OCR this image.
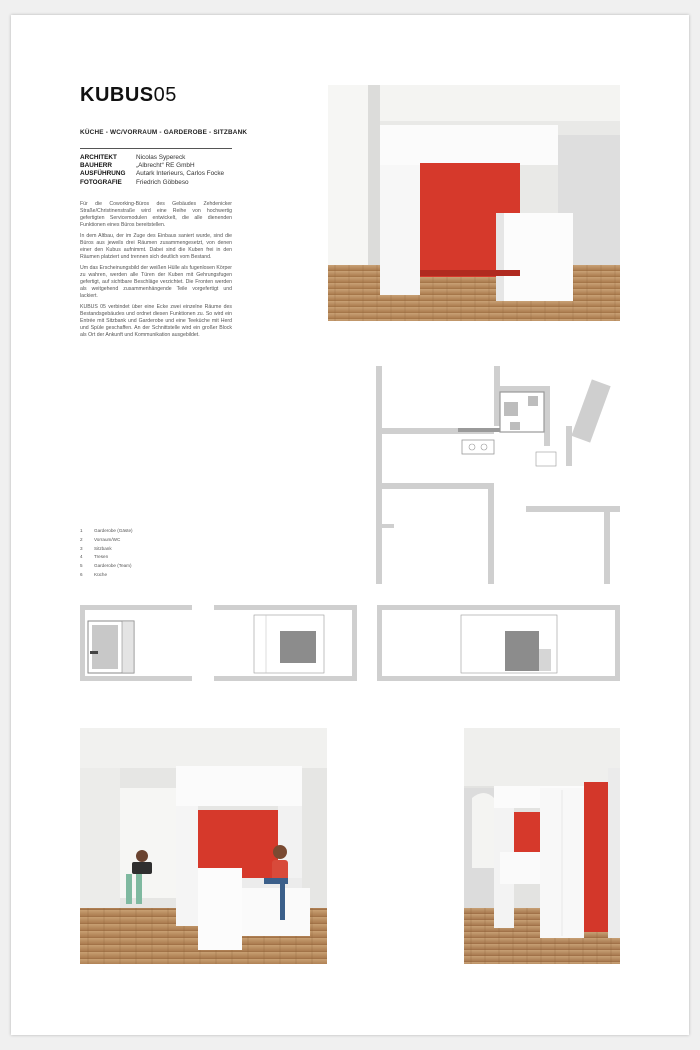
KUBUS05
KÜCHE - WC/VORRAUM - GARDEROBE - SITZBANK
ARCHITEKT	Nicolas Sypereck
BAUHERR	„Albrecht“ RE GmbH
AUSFÜHRUNG	Autark Interieurs, Carlos Focke
FOTOGRAFIE	Friedrich Göbbeso

Für die Coworking-Büros des Gebäudes Zehdenicker Straße/Christinenstraße wird eine Reihe von hochwertig gefertigten Servicemodulen entwickelt, die alle dienenden Funktionen eines Büros bereitstellen.

In dem Altbau, der im Zuge des Einbaus saniert wurde, sind die Büros aus jeweils drei Räumen zusammengesetzt, von denen einer den Kubus aufnimmt. Dabei sind die Kuben frei in den Räumen platziert und trennen sich deutlich vom Bestand.

Um das Erscheinungsbild der weißen Hülle als fugenlosen Körper zu wahren, werden alle Türen der Kuben mit Gehrungsfugen gefertigt, auf sichtbare Beschläge verzichtet. Die Fronten werden als weitgehend zusammenhängende Teile vorgefertigt und lackiert.

KUBUS 05 verbindet über eine Ecke zwei einzelne Räume des Bestandsgebäudes und ordnet diesen Funktionen zu. So wird ein Entrée mit Sitzbank und Garderobe und eine Teeküche mit Herd und Spüle geschaffen. An der Schnittstelle wird ein großer Block als Ort der Ankunft und Kommunikation ausgebildet.

1	Garderobe (Gäste)
2	Vorraum/WC
3	Sitzbank
4	Tresen
5	Garderobe (Team)
6	Küche
